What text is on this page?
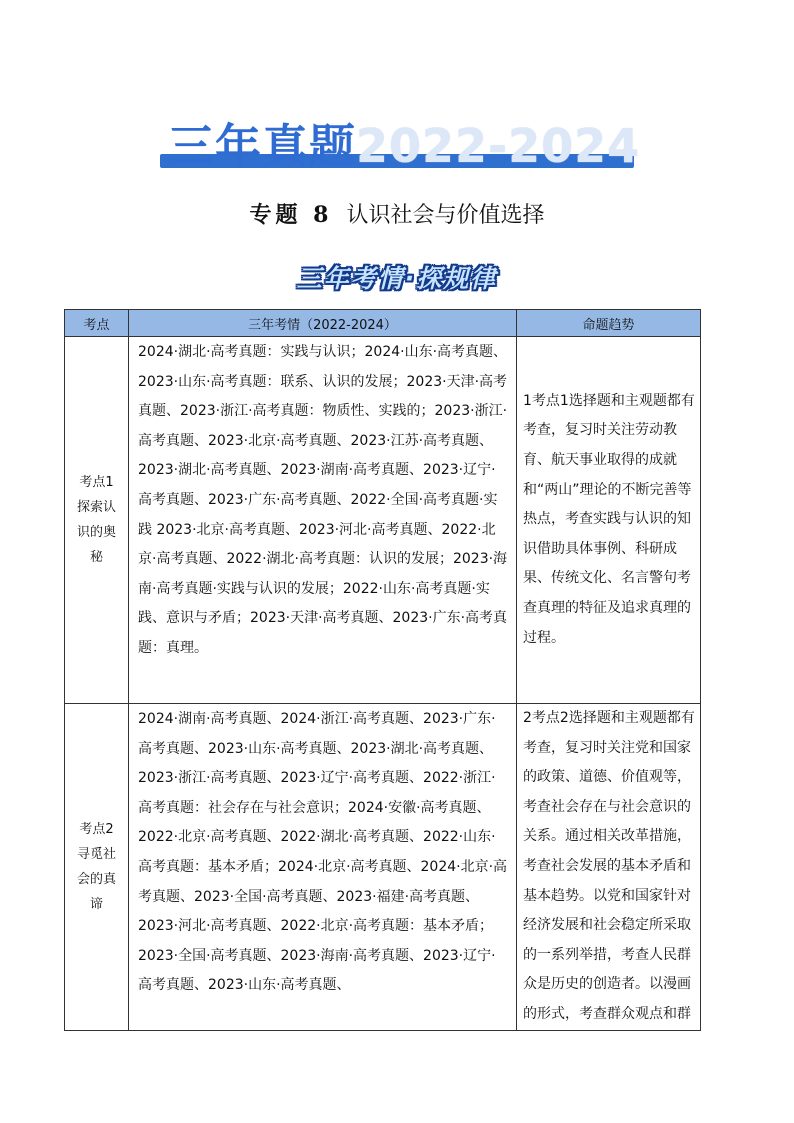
三年真题2022-2024
专题 8 认识社会与价值选择
三年考情·探规律
考点	三年考情（2022-2024）	命题趋势

考点1探索认识的奥秘	2024·湖北·高考真题：实践与认识；2024·山东·高考真题、2023·山东·高考真题：联系、认识的发展；2023·天津·高考真题、2023·浙江·高考真题：物质性、实践的；2023·浙江·高考真题、2023·北京·高考真题、2023·江苏·高考真题、2023·湖北·高考真题、2023·湖南·高考真题、2023·辽宁·高考真题、2023·广东·高考真题、2022·全国·高考真题·实践 2023·北京·高考真题、2023·河北·高考真题、2022·北京·高考真题、2022·湖北·高考真题：认识的发展；2023·海南·高考真题·实践与认识的发展；2022·山东·高考真题·实践、意识与矛盾；2023·天津·高考真题、2023·广东·高考真题：真理。	1考点1选择题和主观题都有考查，复习时关注劳动教育、航天事业取得的成就和“两山”理论的不断完善等热点，考查实践与认识的知识借助具体事例、科研成果、传统文化、名言警句考查真理的特征及追求真理的过程。

考点2寻觅社会的真谛	2024·湖南·高考真题、2024·浙江·高考真题、2023·广东·高考真题、2023·山东·高考真题、2023·湖北·高考真题、2023·浙江·高考真题、2023·辽宁·高考真题、2022·浙江·高考真题：社会存在与社会意识；2024·安徽·高考真题、2022·北京·高考真题、2022·湖北·高考真题、2022·山东·高考真题：基本矛盾；2024·北京·高考真题、2024·北京·高考真题、2023·全国·高考真题、2023·福建·高考真题、2023·河北·高考真题、2022·北京·高考真题：基本矛盾；2023·全国·高考真题、2023·海南·高考真题、2023·辽宁·高考真题、2023·山东·高考真题、	2考点2选择题和主观题都有考查，复习时关注党和国家的政策、道德、价值观等，考查社会存在与社会意识的关系。通过相关改革措施，考查社会发展的基本矛盾和基本趋势。以党和国家针对经济发展和社会稳定所采取的一系列举措，考查人民群众是历史的创造者。以漫画的形式，考查群众观点和群
